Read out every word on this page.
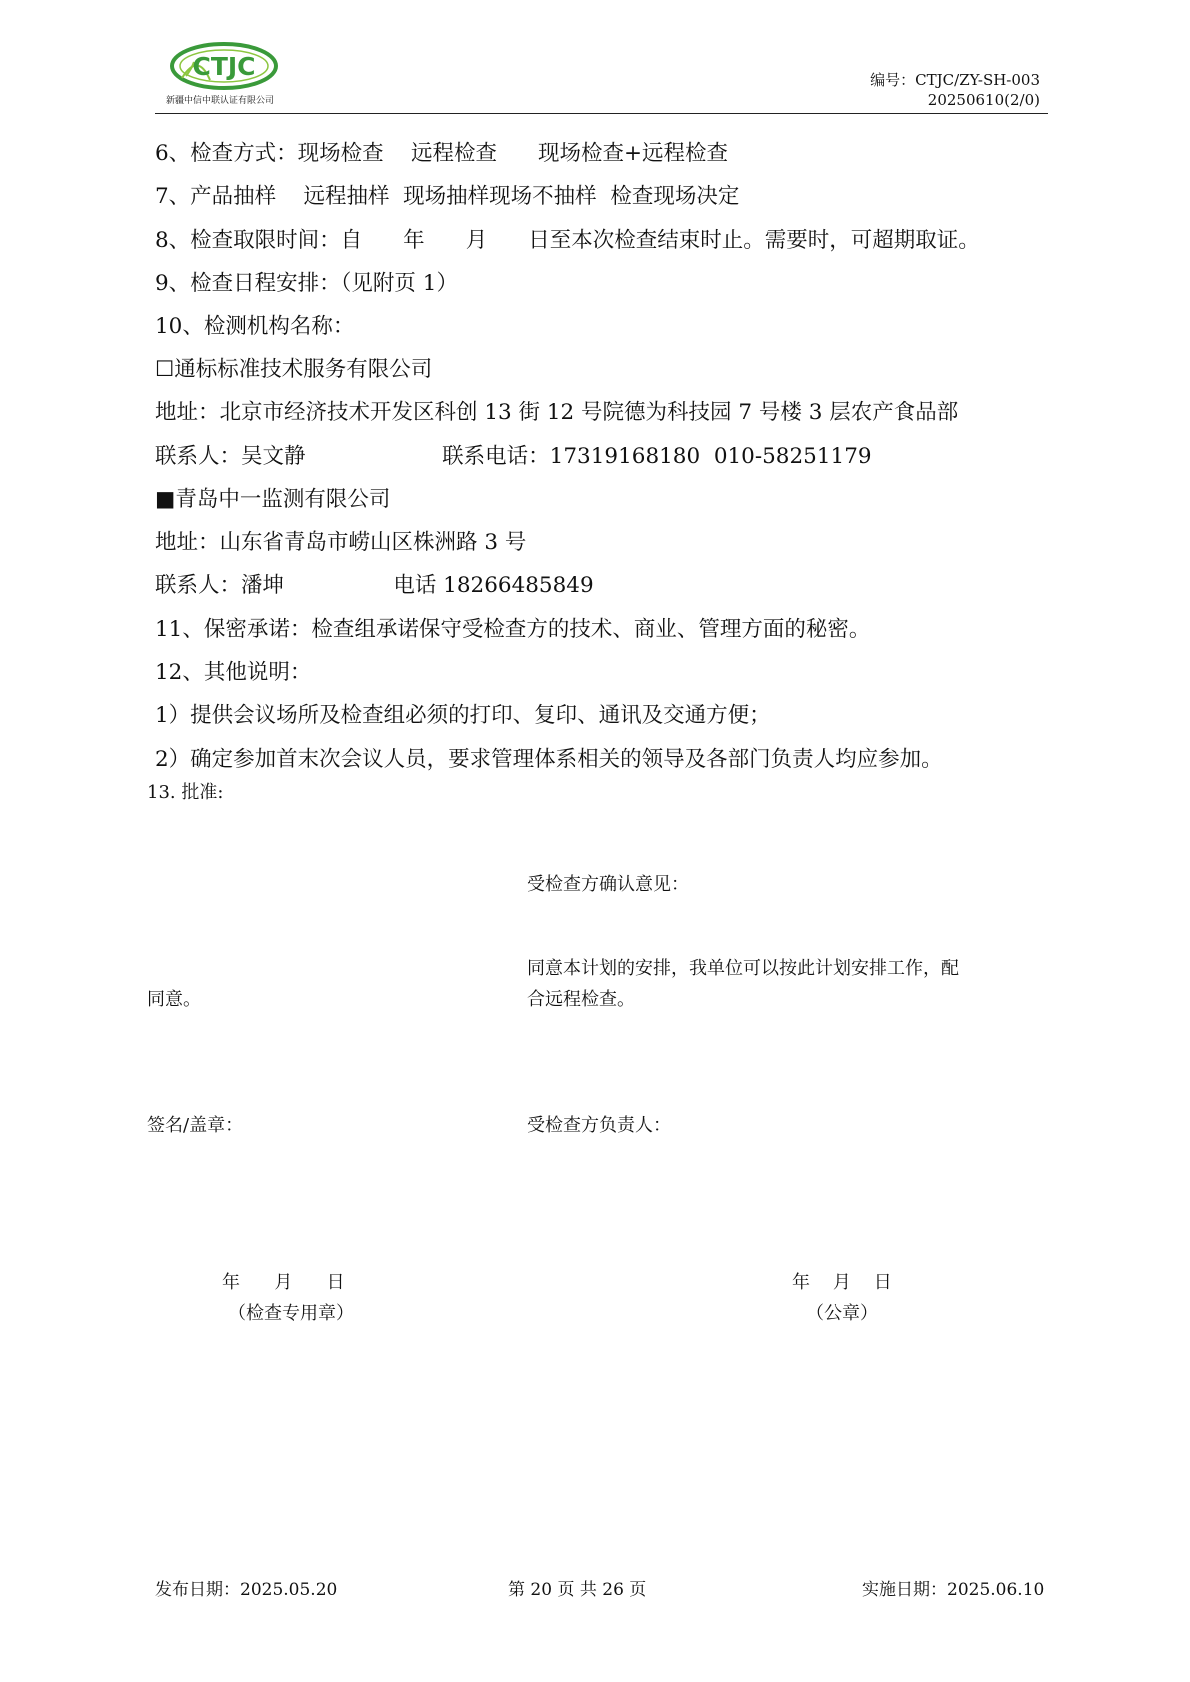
CTJC
新疆中信中联认证有限公司
编号：CTJC/ZY-SH-003
20250610(2/0)
6、检查方式：现场检查    远程检查      现场检查+远程检查
7、产品抽样    远程抽样  现场抽样现场不抽样  检查现场决定
8、检查取限时间：自      年      月      日至本次检查结束时止。需要时，可超期取证。
9、检查日程安排：（见附页 1）
10、检测机构名称：
☐通标标准技术服务有限公司
地址：北京市经济技术开发区科创 13 街 12 号院德为科技园 7 号楼 3 层农产食品部
联系人：吴文静                    联系电话：17319168180  010-58251179
■青岛中一监测有限公司
地址：山东省青岛市崂山区株洲路 3 号
联系人：潘坤                电话 18266485849
11、保密承诺：检查组承诺保守受检查方的技术、商业、管理方面的秘密。
12、其他说明：
1）提供会议场所及检查组必须的打印、复印、通讯及交通方便；
2）确定参加首末次会议人员，要求管理体系相关的领导及各部门负责人均应参加。
13. 批准:
受检查方确认意见：
同意本计划的安排，我单位可以按此计划安排工作，配
合远程检查。
同意。
签名/盖章：	受检查方负责人：
年      月      日
（检查专用章）
年    月    日
（公章）
发布日期：2025.05.20	第 20 页 共 26 页	实施日期：2025.06.10
